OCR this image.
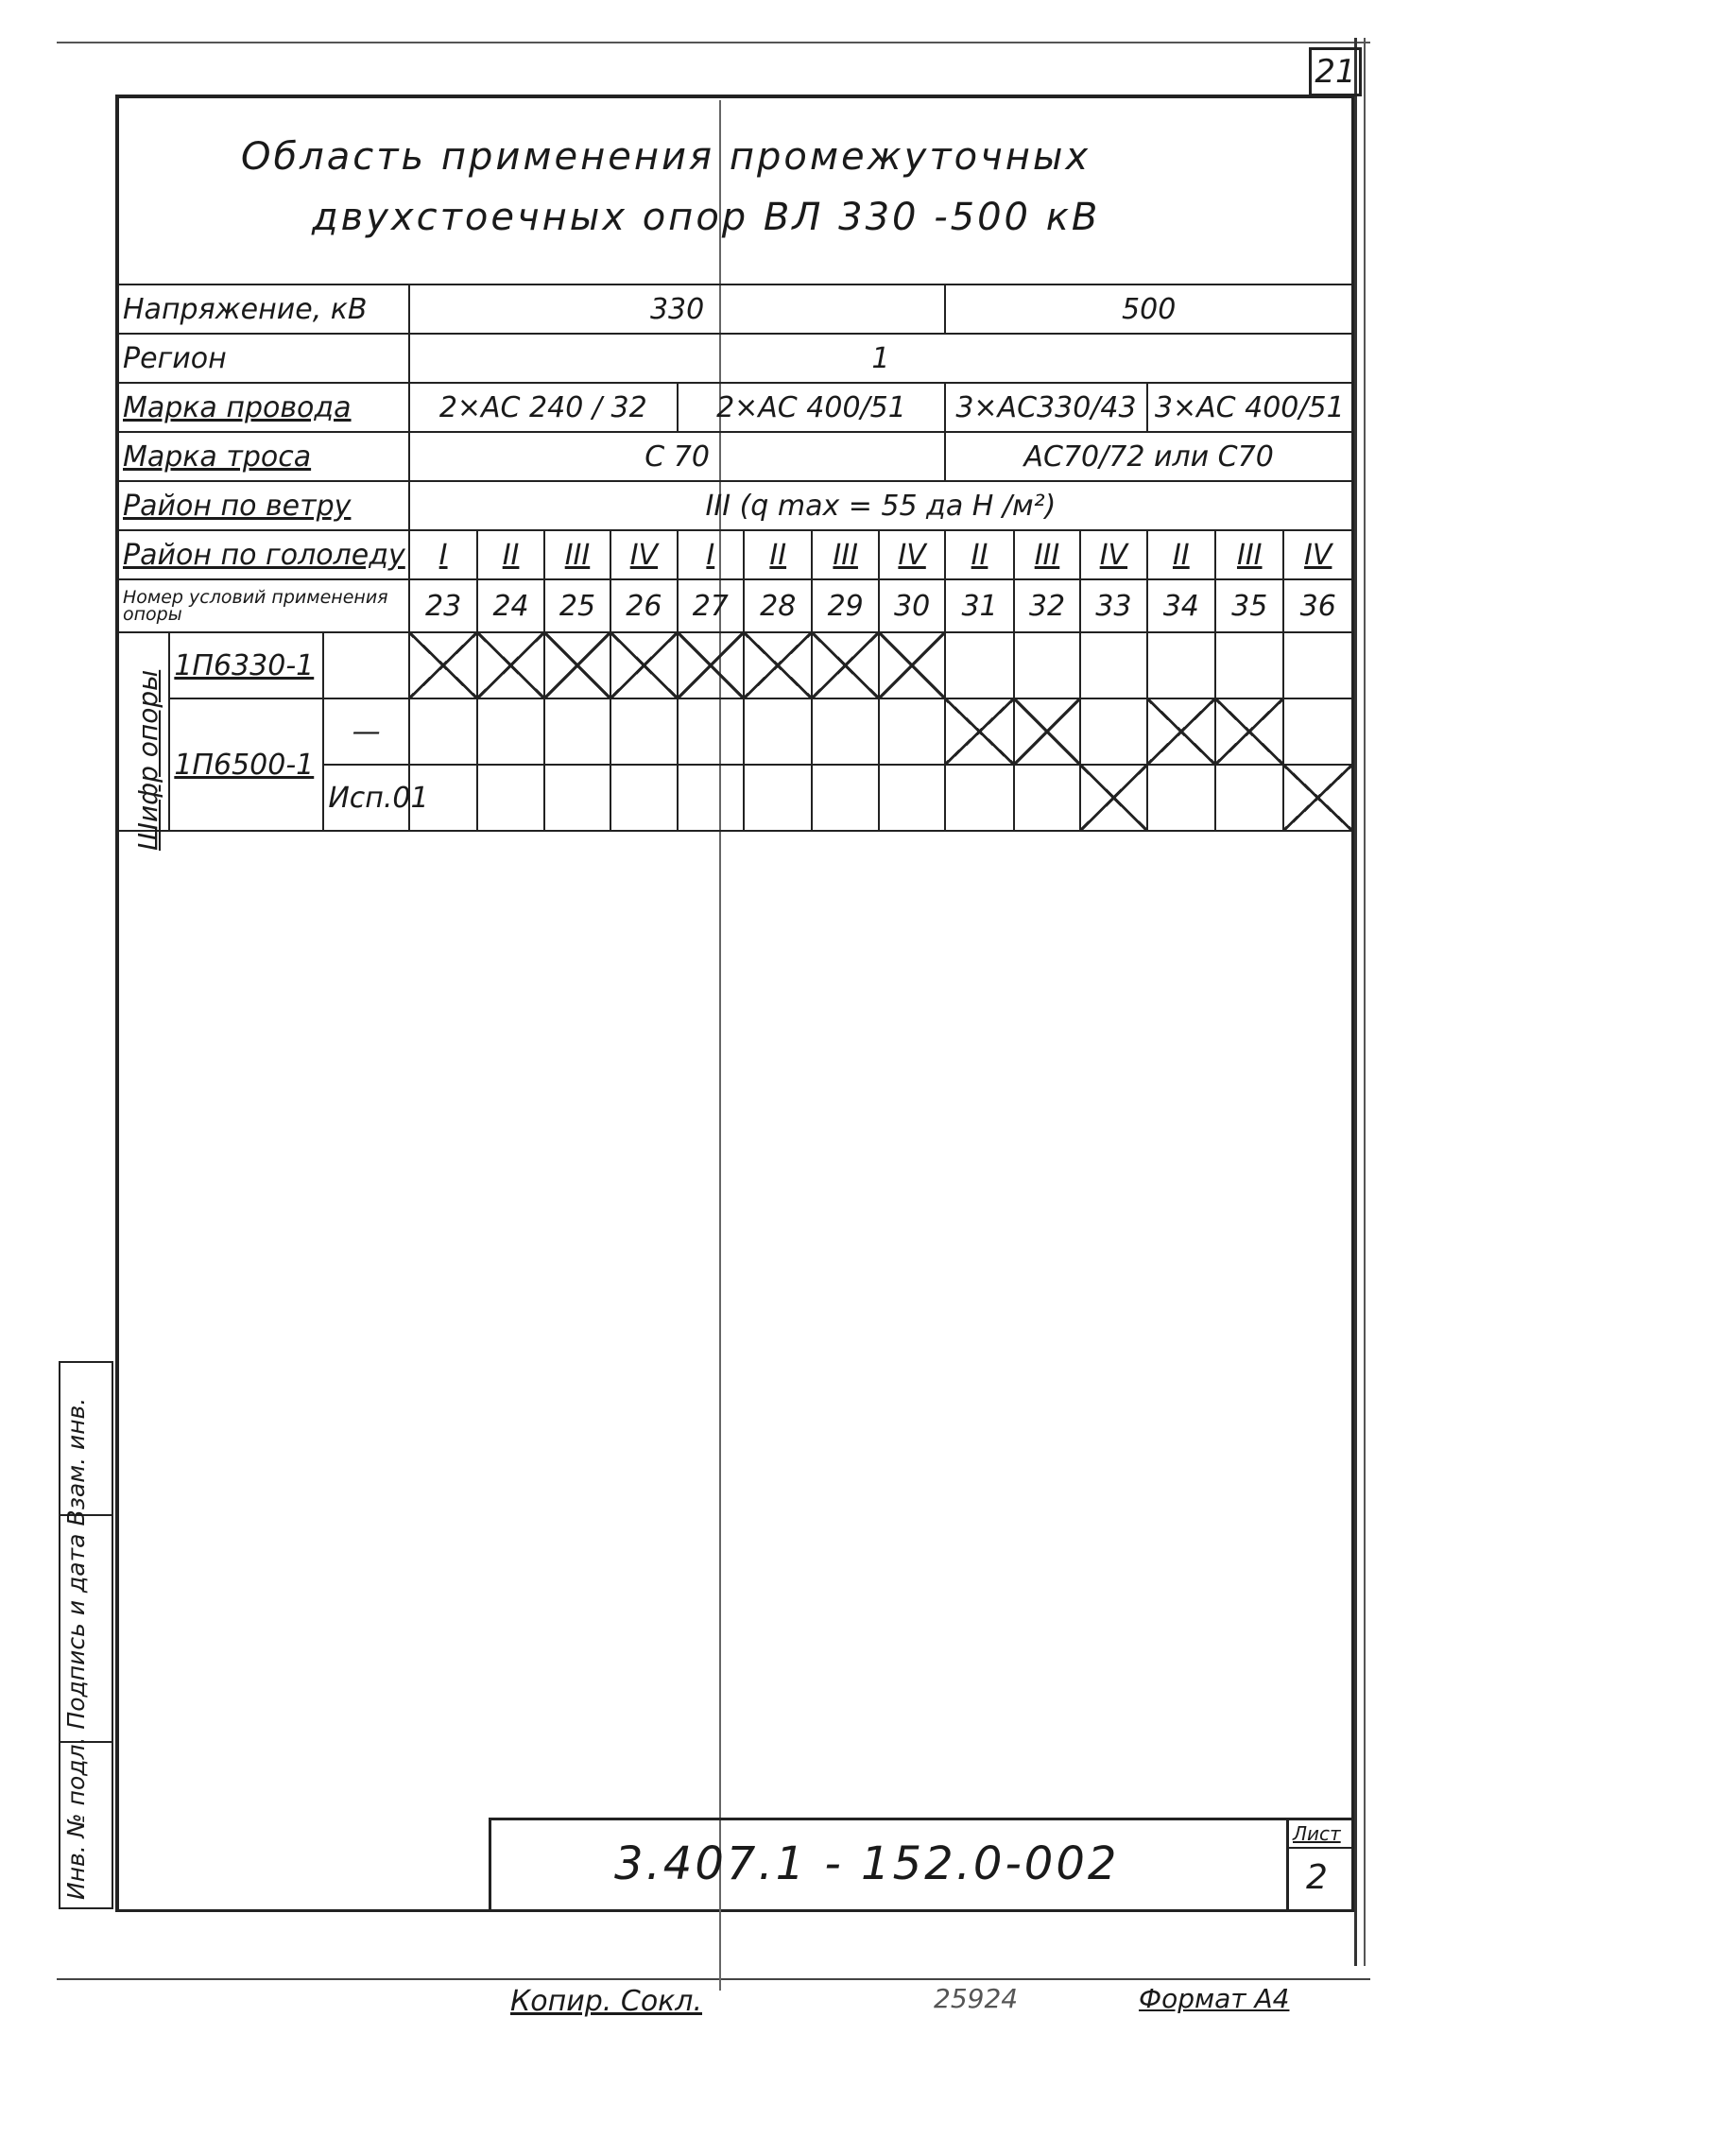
21
Область применения промежуточных
двухстоечных опор ВЛ 330 -500 кВ
Напряжение, кВ			330								500					
Регион			1													
Марка провода			2×АС 240 / 32				2×АС 400/51				3×АС330/43			3×АС 400/51		
Марка троса			С 70								АС70/72 или С70					
Район по ветру			III (q max = 55 да Н /м²)													
Район по гололеду			I	II	III	IV	I	II	III	IV	II	III	IV	II	III	IV
Номер условий применения опоры			23	24	25	26	27	28	29	30	31	32	33	34	35	36
	1П6330-1															
	1П6500-1	—														
		Исп.01														
Шифр опоры
Инв. № подл. Подпись и дата Взам. инв.	3.407.1 - 152.0-002
Лист
2
Копир. Сокл.	25924	Формат А4
